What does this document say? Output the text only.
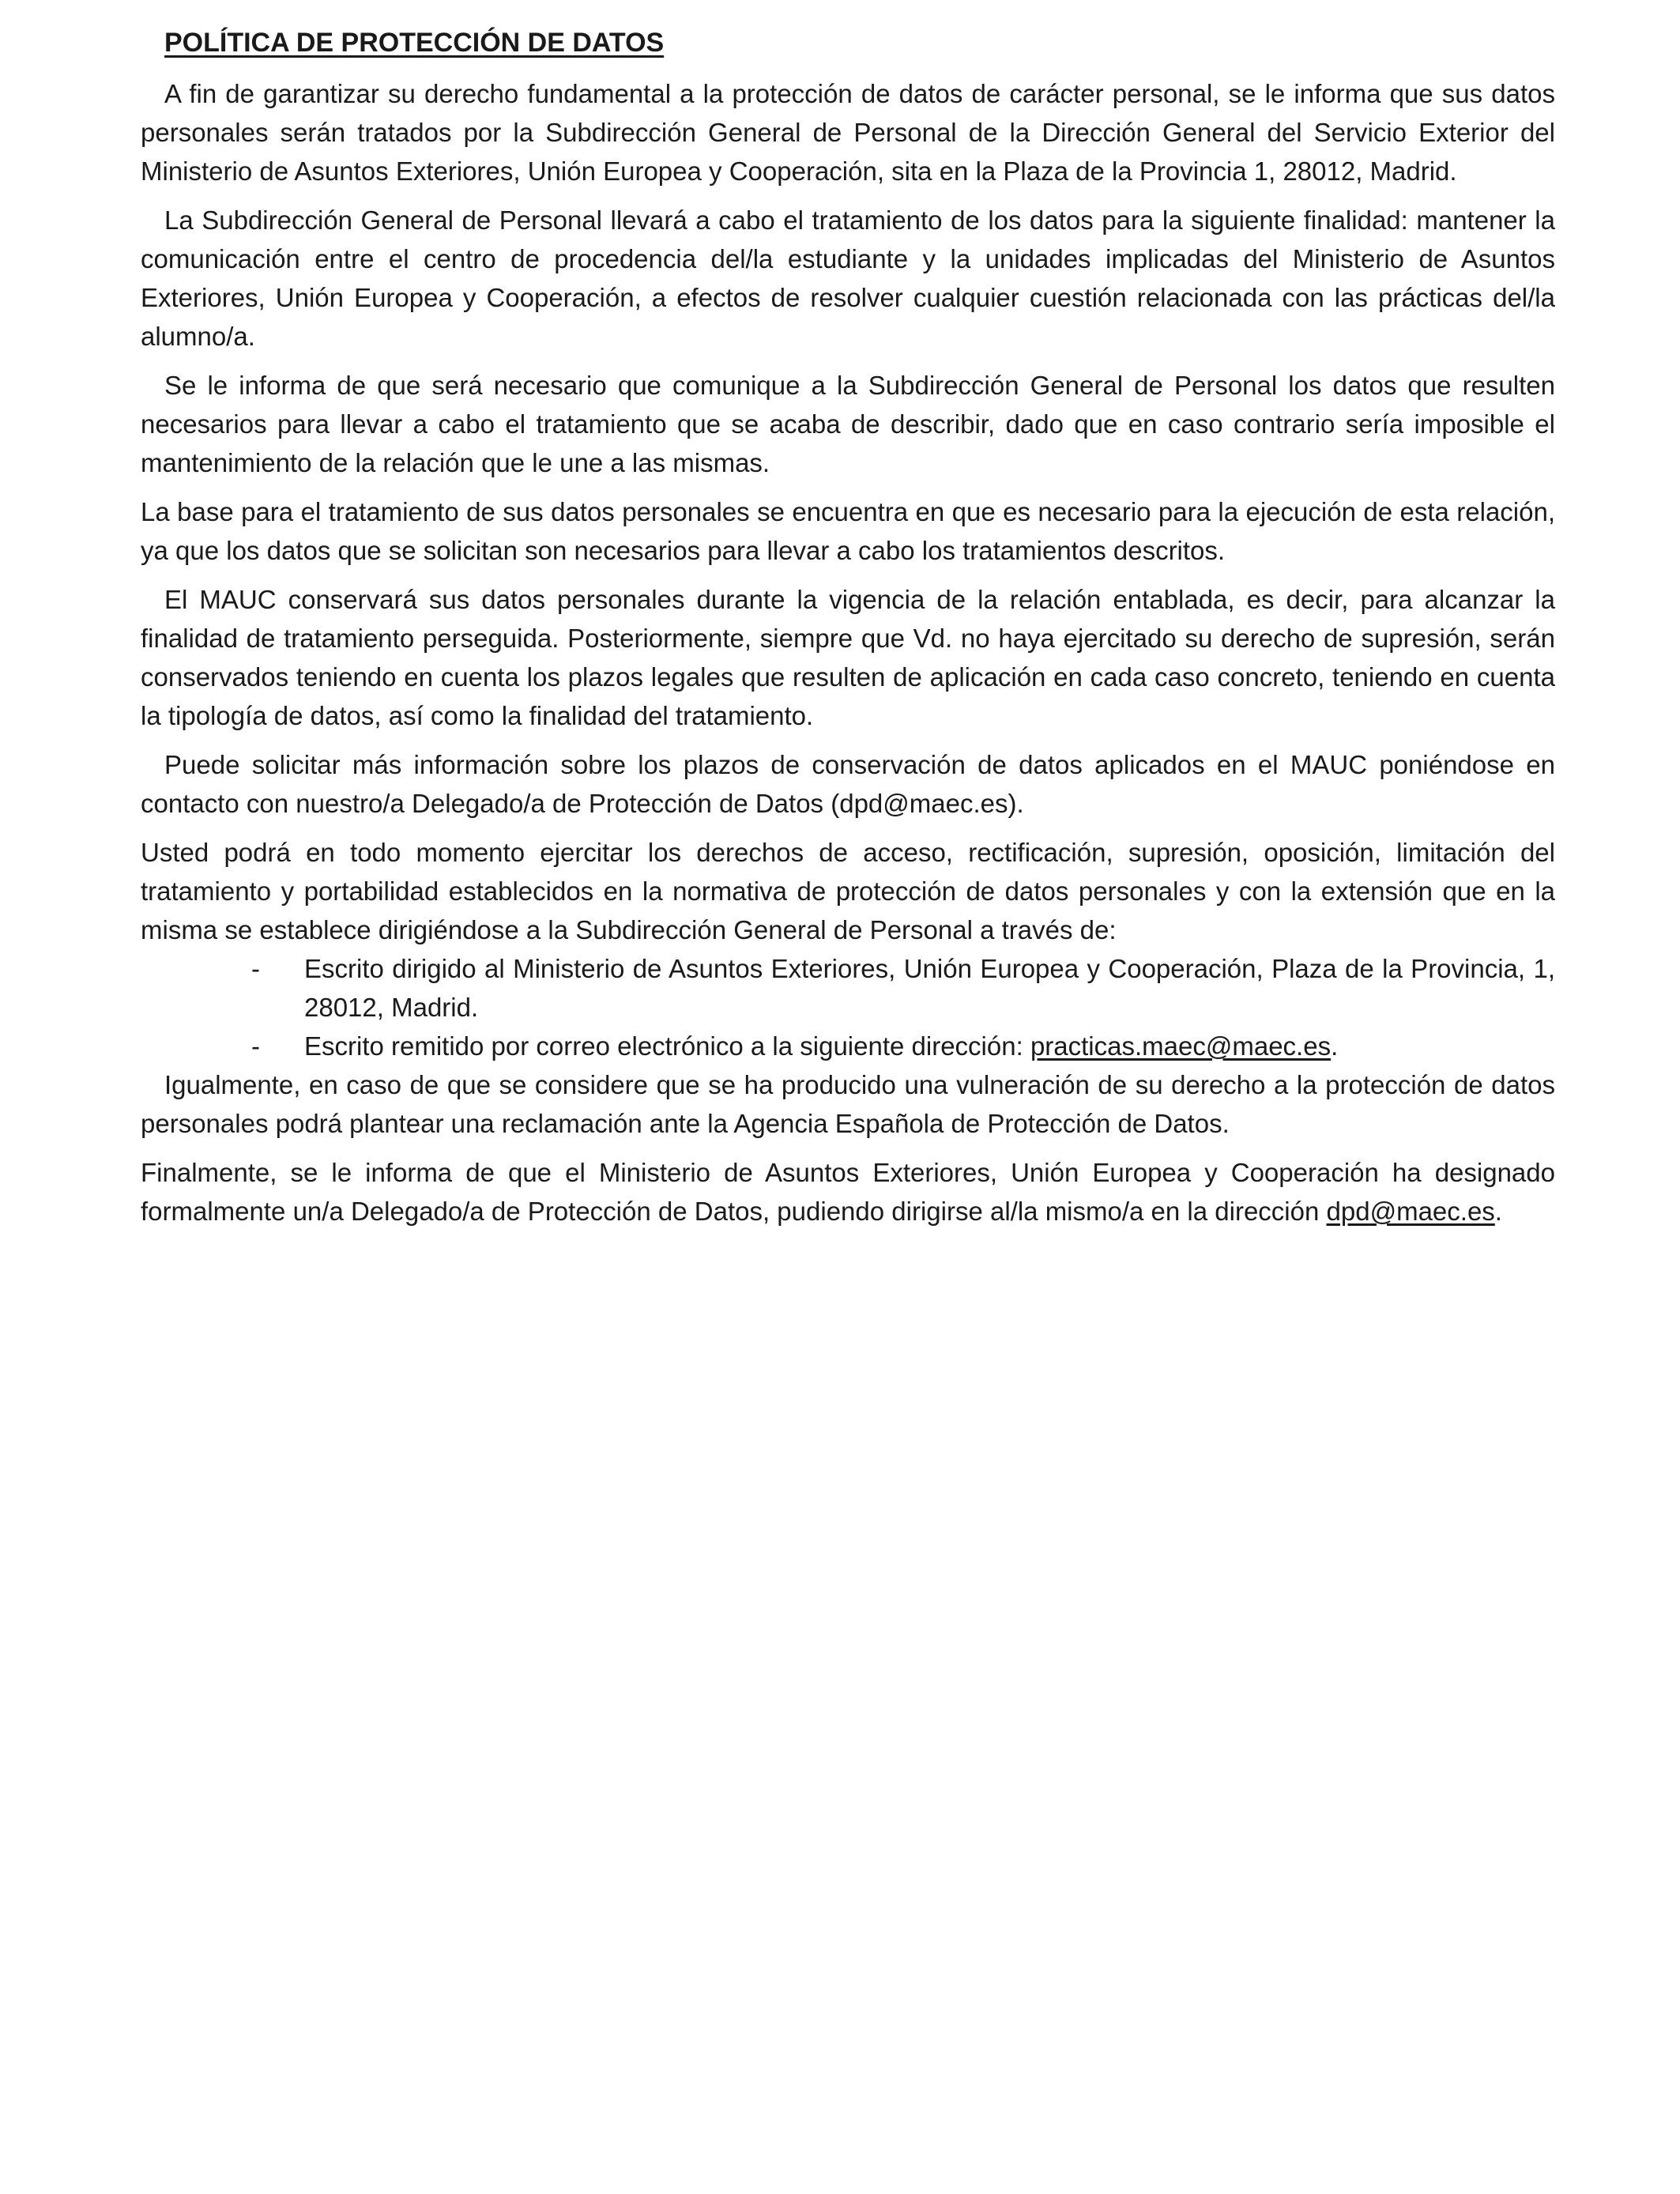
POLÍTICA DE PROTECCIÓN DE DATOS

A fin de garantizar su derecho fundamental a la protección de datos de carácter personal, se le informa que sus datos personales serán tratados por la Subdirección General de Personal de la Dirección General del Servicio Exterior del Ministerio de Asuntos Exteriores, Unión Europea y Cooperación, sita en la Plaza de la Provincia 1, 28012, Madrid.

La Subdirección General de Personal llevará a cabo el tratamiento de los datos para la siguiente finalidad: mantener la comunicación entre el centro de procedencia del/la estudiante y la unidades implicadas del Ministerio de Asuntos Exteriores, Unión Europea y Cooperación, a efectos de resolver cualquier cuestión relacionada con las prácticas del/la alumno/a.

Se le informa de que será necesario que comunique a la Subdirección General de Personal los datos que resulten necesarios para llevar a cabo el tratamiento que se acaba de describir, dado que en caso contrario sería imposible el mantenimiento de la relación que le une a las mismas.

La base para el tratamiento de sus datos personales se encuentra en que es necesario para la ejecución de esta relación, ya que los datos que se solicitan son necesarios para llevar a cabo los tratamientos descritos.

El MAUC conservará sus datos personales durante la vigencia de la relación entablada, es decir, para alcanzar la finalidad de tratamiento perseguida. Posteriormente, siempre que Vd. no haya ejercitado su derecho de supresión, serán conservados teniendo en cuenta los plazos legales que resulten de aplicación en cada caso concreto, teniendo en cuenta la tipología de datos, así como la finalidad del tratamiento.

Puede solicitar más información sobre los plazos de conservación de datos aplicados en el MAUC poniéndose en contacto con nuestro/a Delegado/a de Protección de Datos (dpd@maec.es).

Usted podrá en todo momento ejercitar los derechos de acceso, rectificación, supresión, oposición, limitación del tratamiento y portabilidad establecidos en la normativa de protección de datos personales y con la extensión que en la misma se establece dirigiéndose a la Subdirección General de Personal a través de:

- Escrito dirigido al Ministerio de Asuntos Exteriores, Unión Europea y Cooperación, Plaza de la Provincia, 1, 28012, Madrid.
- Escrito remitido por correo electrónico a la siguiente dirección: practicas.maec@maec.es.

Igualmente, en caso de que se considere que se ha producido una vulneración de su derecho a la protección de datos personales podrá plantear una reclamación ante la Agencia Española de Protección de Datos.

Finalmente, se le informa de que el Ministerio de Asuntos Exteriores, Unión Europea y Cooperación ha designado formalmente un/a Delegado/a de Protección de Datos, pudiendo dirigirse al/la mismo/a en la dirección dpd@maec.es.
